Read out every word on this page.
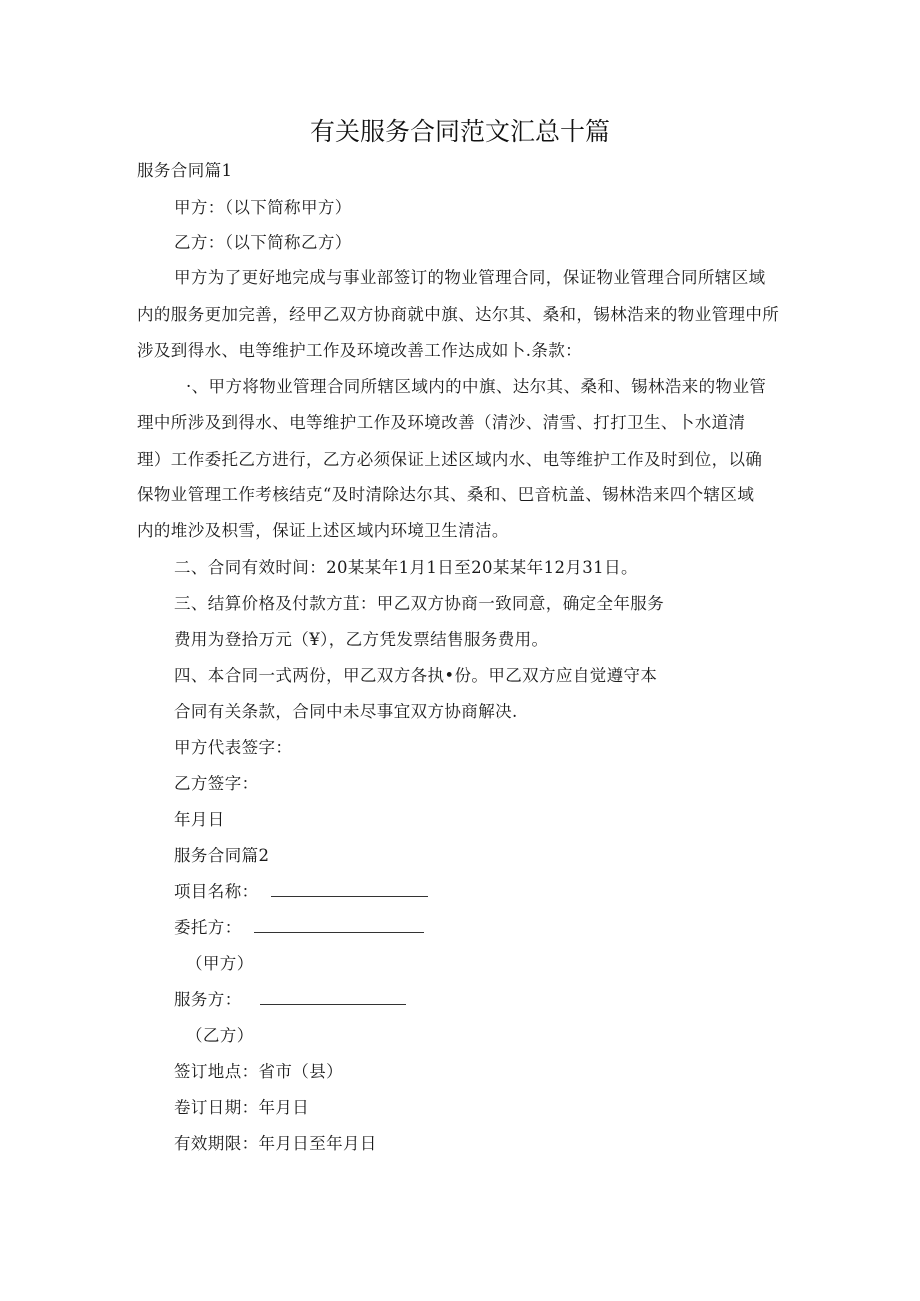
有关服务合同范文汇总十篇
服务合同篇1
甲方：（以下简称甲方）
乙方：（以下简称乙方）
甲方为了更好地完成与事业部签订的物业管理合同，保证物业管理合同所辖区域
内的服务更加完善，经甲乙双方协商就中旗、达尔其、桑和，锡林浩来的物业管理中所
涉及到得水、电等维护工作及环境改善工作达成如卜.条款：
·、甲方将物业管理合同所辖区域内的中旗、达尔其、桑和、锡林浩来的物业管
理中所涉及到得水、电等维护工作及环境改善（清沙、清雪、打打卫生、卜水道清
理）工作委托乙方进行，乙方必须保证上述区域内水、电等维护工作及时到位，以确
保物业管理工作考核结克“及时清除达尔其、桑和、巴音杭盖、锡林浩来四个辖区域
内的堆沙及枳雪，保证上述区域内环境卫生清洁。
二、合同有效时间：20某某年1月1日至20某某年12月31日。
三、结算价格及付款方苴：甲乙双方协商一致同意，确定全年服务
费用为登拾万元（¥），乙方凭发票结售服务费用。
四、本合同一式两份，甲乙双方各执•份。甲乙双方应自觉遵守本
合同有关条款，合同中未尽事宜双方协商解决.
甲方代表签字：
乙方签字：
年月日
服务合同篇2
项目名称：
委托方：
（甲方）
服务方：
（乙方）
签订地点：省市（县）
卷订日期：年月日
有效期限：年月日至年月日
